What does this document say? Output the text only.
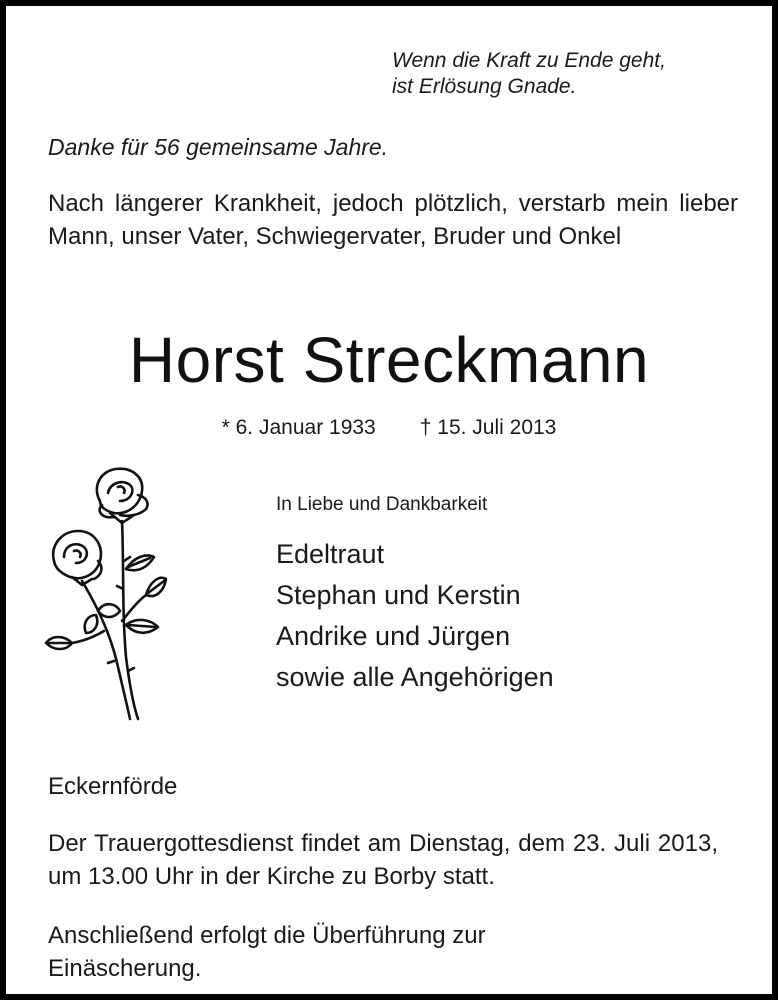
Wenn die Kraft zu Ende geht,
ist Erlösung Gnade.

Danke für 56 gemeinsame Jahre.

Nach längerer Krankheit, jedoch plötzlich, verstarb mein lieber Mann, unser Vater, Schwiegervater, Bruder und Onkel

Horst Streckmann
* 6. Januar 1933 † 15. Juli 2013

In Liebe und Dankbarkeit

Edeltraut
Stephan und Kerstin
Andrike und Jürgen
sowie alle Angehörigen

Eckernförde

Der Trauergottesdienst findet am Dienstag, dem 23. Juli 2013, um 13.00 Uhr in der Kirche zu Borby statt.

Anschließend erfolgt die Überführung zur Einäscherung.
